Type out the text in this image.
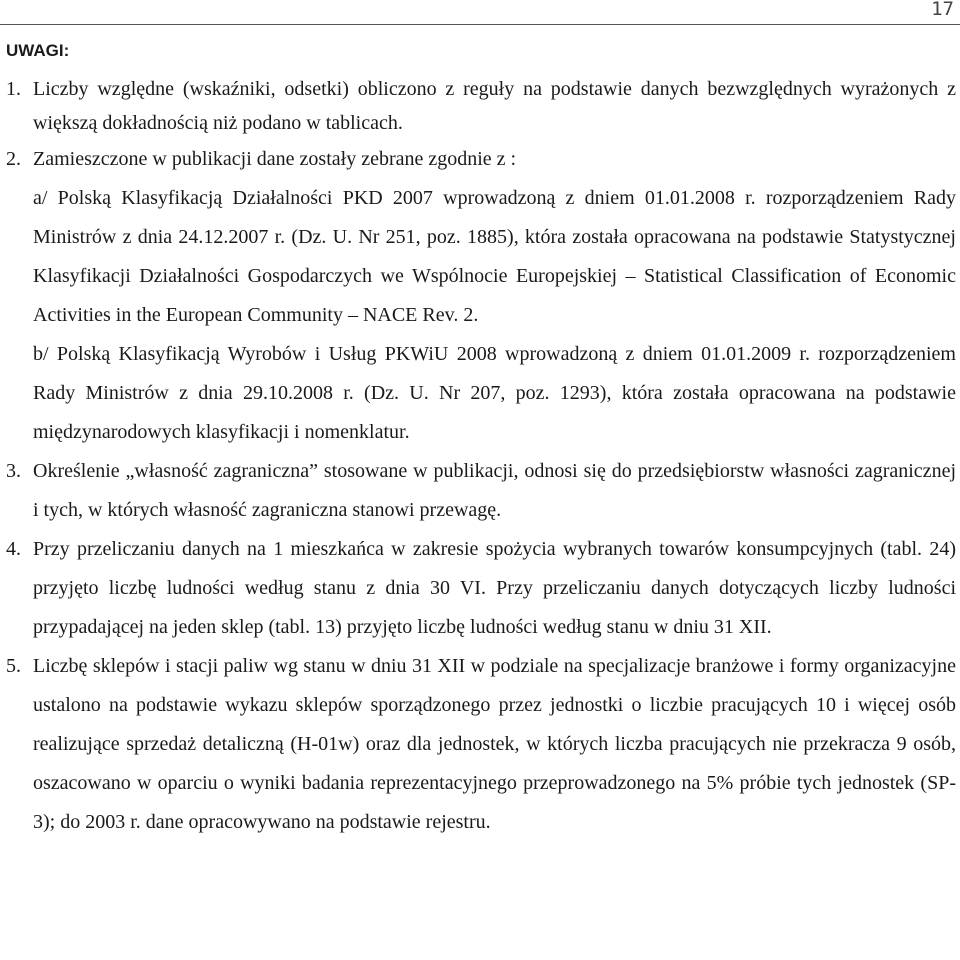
17
UWAGI:
1. Liczby względne (wskaźniki, odsetki) obliczono z reguły na podstawie danych bezwzględnych wyrażonych z większą dokładnością niż podano w tablicach.
2. Zamieszczone w publikacji dane zostały zebrane zgodnie z :
a/ Polską Klasyfikacją Działalności PKD 2007 wprowadzoną z dniem 01.01.2008 r. rozporządzeniem Rady Ministrów z dnia 24.12.2007 r. (Dz. U. Nr 251, poz. 1885), która została opracowana na podstawie Statystycznej Klasyfikacji Działalności Gospodarczych we Wspólnocie Europejskiej – Statistical Classification of Economic Activities in the European Community – NACE Rev. 2.
b/ Polską Klasyfikacją Wyrobów i Usług PKWiU 2008 wprowadzoną z dniem 01.01.2009 r. rozporządzeniem Rady Ministrów z dnia 29.10.2008 r. (Dz. U. Nr 207, poz. 1293), która została opracowana na podstawie międzynarodowych klasyfikacji i nomenklatur.
3. Określenie „własność zagraniczna” stosowane w publikacji, odnosi się do przedsiębiorstw własności zagranicznej i tych, w których własność zagraniczna stanowi przewagę.
4. Przy przeliczaniu danych na 1 mieszkańca w zakresie spożycia wybranych towarów konsumpcyjnych (tabl. 24) przyjęto liczbę ludności według stanu z dnia 30 VI. Przy przeliczaniu danych dotyczących liczby ludności przypadającej na jeden sklep (tabl. 13) przyjęto liczbę ludności według stanu w dniu 31 XII.
5. Liczbę sklepów i stacji paliw wg stanu w dniu 31 XII w podziale na specjalizacje branżowe i formy organizacyjne ustalono na podstawie wykazu sklepów sporządzonego przez jednostki o liczbie pracujących 10 i więcej osób realizujące sprzedaż detaliczną (H-01w) oraz dla jednostek, w których liczba pracujących nie przekracza 9 osób, oszacowano w oparciu o wyniki badania reprezentacyjnego przeprowadzonego na 5% próbie tych jednostek (SP-3); do 2003 r. dane opracowywano na podstawie rejestru.
